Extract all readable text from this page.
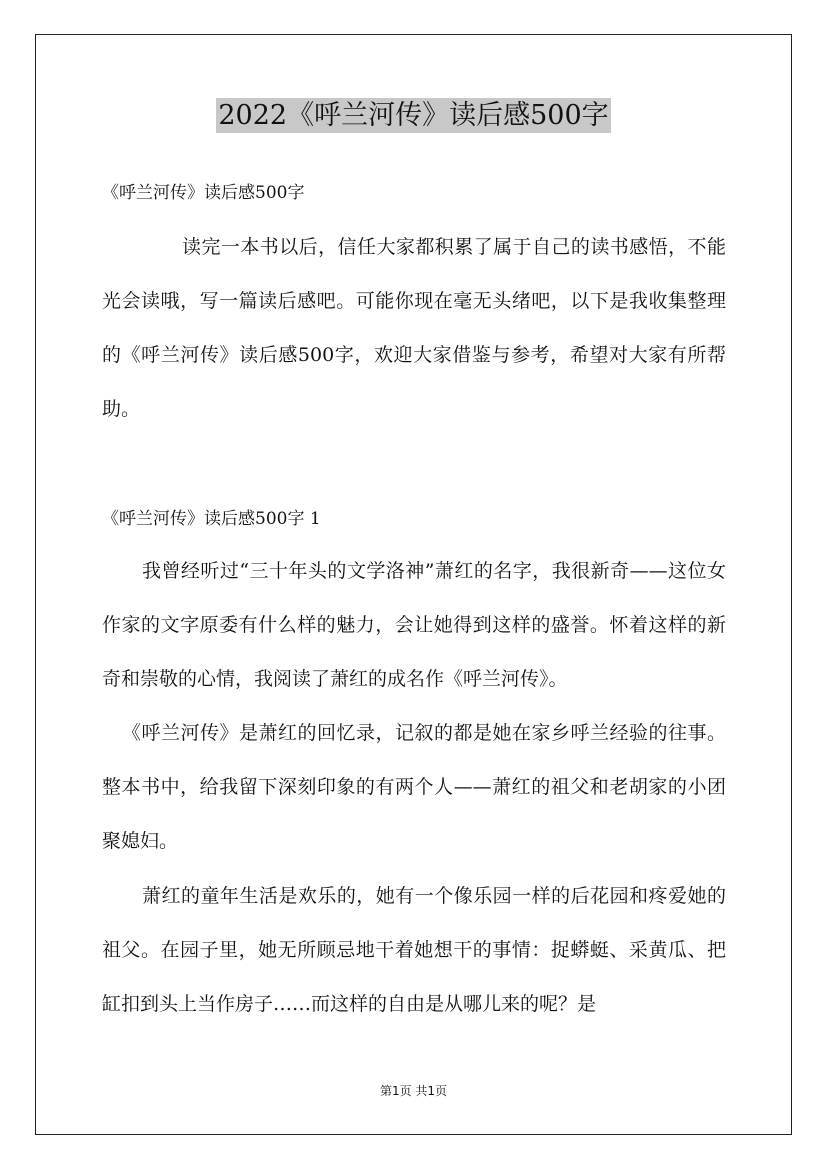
2022《呼兰河传》读后感500字
《呼兰河传》读后感500字

读完一本书以后，信任大家都积累了属于自己的读书感悟，不能光会读哦，写一篇读后感吧。可能你现在毫无头绪吧，以下是我收集整理的《呼兰河传》读后感500字，欢迎大家借鉴与参考，希望对大家有所帮助。

《呼兰河传》读后感500字 1

我曾经听过“三十年头的文学洛神”萧红的名字，我很新奇——这位女作家的文字原委有什么样的魅力，会让她得到这样的盛誉。怀着这样的新奇和崇敬的心情，我阅读了萧红的成名作《呼兰河传》。

《呼兰河传》是萧红的回忆录，记叙的都是她在家乡呼兰经验的往事。整本书中，给我留下深刻印象的有两个人——萧红的祖父和老胡家的小团聚媳妇。

萧红的童年生活是欢乐的，她有一个像乐园一样的后花园和疼爱她的祖父。在园子里，她无所顾忌地干着她想干的事情：捉蟒蜓、采黄瓜、把缸扣到头上当作房子……而这样的自由是从哪儿来的呢？是

第1页 共1页
